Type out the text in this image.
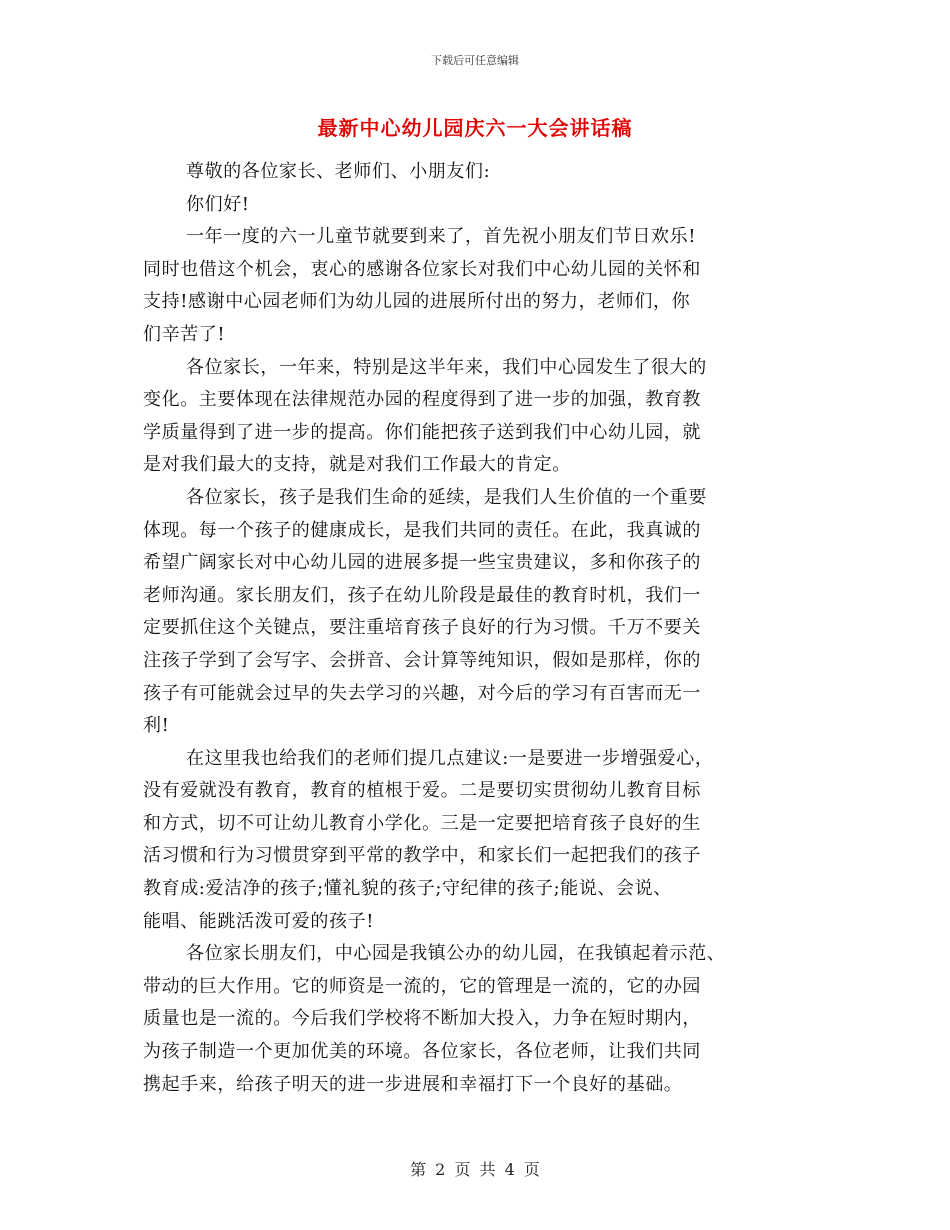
下载后可任意编辑
最新中心幼儿园庆六一大会讲话稿
尊敬的各位家长、老师们、小朋友们:
你们好!
一年一度的六一儿童节就要到来了，首先祝小朋友们节日欢乐!
同时也借这个机会，衷心的感谢各位家长对我们中心幼儿园的关怀和
支持!感谢中心园老师们为幼儿园的进展所付出的努力，老师们，你
们辛苦了!
各位家长，一年来，特别是这半年来，我们中心园发生了很大的
变化。主要体现在法律规范办园的程度得到了进一步的加强，教育教
学质量得到了进一步的提高。你们能把孩子送到我们中心幼儿园，就
是对我们最大的支持，就是对我们工作最大的肯定。
各位家长，孩子是我们生命的延续，是我们人生价值的一个重要
体现。每一个孩子的健康成长，是我们共同的责任。在此，我真诚的
希望广阔家长对中心幼儿园的进展多提一些宝贵建议，多和你孩子的
老师沟通。家长朋友们，孩子在幼儿阶段是最佳的教育时机，我们一
定要抓住这个关键点，要注重培育孩子良好的行为习惯。千万不要关
注孩子学到了会写字、会拼音、会计算等纯知识，假如是那样，你的
孩子有可能就会过早的失去学习的兴趣，对今后的学习有百害而无一
利!
在这里我也给我们的老师们提几点建议:一是要进一步增强爱心，
没有爱就没有教育，教育的植根于爱。二是要切实贯彻幼儿教育目标
和方式，切不可让幼儿教育小学化。三是一定要把培育孩子良好的生
活习惯和行为习惯贯穿到平常的教学中，和家长们一起把我们的孩子
教育成:爱洁净的孩子;懂礼貌的孩子;守纪律的孩子;能说、会说、
能唱、能跳活泼可爱的孩子!
各位家长朋友们，中心园是我镇公办的幼儿园，在我镇起着示范、
带动的巨大作用。它的师资是一流的，它的管理是一流的，它的办园
质量也是一流的。今后我们学校将不断加大投入，力争在短时期内，
为孩子制造一个更加优美的环境。各位家长，各位老师，让我们共同
携起手来，给孩子明天的进一步进展和幸福打下一个良好的基础。
第 2 页 共 4 页
